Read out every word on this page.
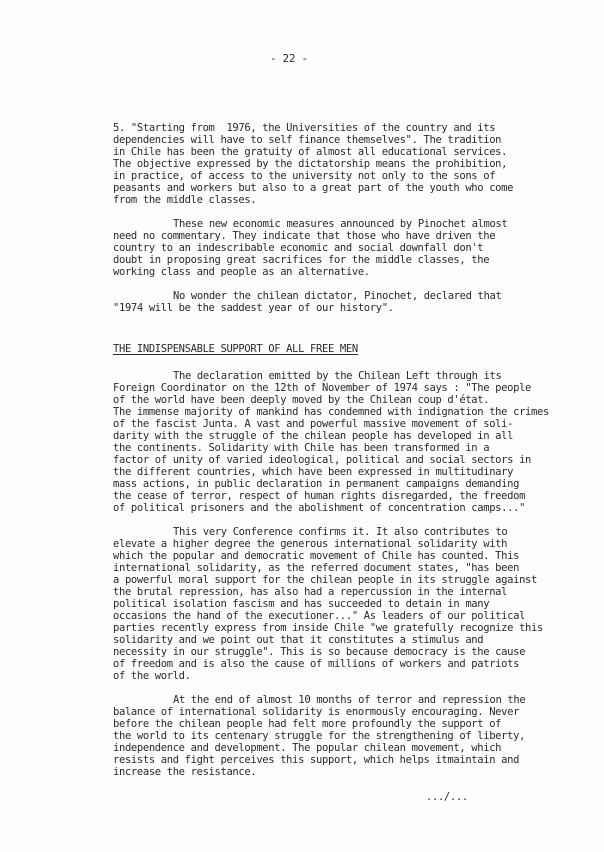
- 22 -
5. "Starting from  1976, the Universities of the country and its
dependencies will have to self finance themselves". The tradition
in Chile has been the gratuity of almost all educational services.
The objective expressed by the dictatorship means the prohibition,
in practice, of access to the university not only to the sons of
peasants and workers but also to a great part of the youth who come
from the middle classes.
These new economic measures announced by Pinochet almost
need no commentary. They indicate that those who have driven the
country to an indescribable economic and social downfall don't
doubt in proposing great sacrifices for the middle classes, the
working class and people as an alternative.
No wonder the chilean dictator, Pinochet, declared that
"1974 will be the saddest year of our history".
THE INDISPENSABLE SUPPORT OF ALL FREE MEN
The declaration emitted by the Chilean Left through its
Foreign Coordinator on the 12th of November of 1974 says : "The people
of the world have been deeply moved by the Chilean coup d'état.
The immense majority of mankind has condemned with indignation the crimes
of the fascist Junta. A vast and powerful massive movement of soli-
darity with the struggle of the chilean people has developed in all
the continents. Solidarity with Chile has been transformed in a
factor of unity of varied ideological, political and social sectors in
the different countries, which have been expressed in multitudinary
mass actions, in public declaration in permanent campaigns demanding
the cease of terror, respect of human rights disregarded, the freedom
of political prisoners and the abolishment of concentration camps..."
This very Conference confirms it. It also contributes to
elevate a higher degree the generous international solidarity with
which the popular and democratic movement of Chile has counted. This
international solidarity, as the referred document states, "has been
a powerful moral support for the chilean people in its struggle against
the brutal repression, has also had a repercussion in the internal
political isolation fascism and has succeeded to detain in many
occasions the hand of the executioner..." As leaders of our political
parties recently express from inside Chile "we gratefully recognize this
solidarity and we point out that it constitutes a stimulus and
necessity in our struggle". This is so because democracy is the cause
of freedom and is also the cause of millions of workers and patriots
of the world.
At the end of almost 10 months of terror and repression the
balance of international solidarity is enormously encouraging. Never
before the chilean people had felt more profoundly the support of
the world to its centenary struggle for the strengthening of liberty,
independence and development. The popular chilean movement, which
resists and fight perceives this support, which helps itmaintain and
increase the resistance.
.../...
